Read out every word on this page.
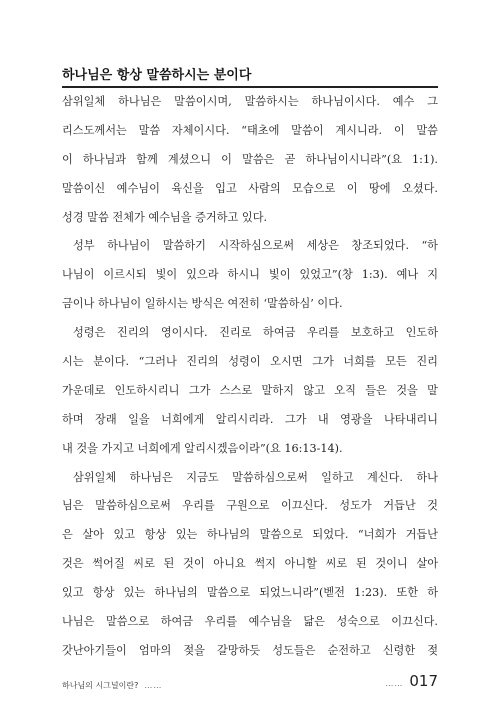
하나님은 항상 말씀하시는 분이다
삼위일체 하나님은 말씀이시며, 말씀하시는 하나님이시다. 예수 그
리스도께서는 말씀 자체이시다. “태초에 말씀이 계시니라. 이 말씀
이 하나님과 함께 계셨으니 이 말씀은 곧 하나님이시니라”(요 1:1).
말씀이신 예수님이 육신을 입고 사람의 모습으로 이 땅에 오셨다.
성경 말씀 전체가 예수님을 증거하고 있다.
성부 하나님이 말씀하기 시작하심으로써 세상은 창조되었다. “하
나님이 이르시되 빛이 있으라 하시니 빛이 있었고”(창 1:3). 예나 지
금이나 하나님이 일하시는 방식은 여전히 ‘말씀하심’ 이다.
성령은 진리의 영이시다. 진리로 하여금 우리를 보호하고 인도하
시는 분이다. “그러나 진리의 성령이 오시면 그가 너희를 모든 진리
가운데로 인도하시리니 그가 스스로 말하지 않고 오직 들은 것을 말
하며 장래 일을 너희에게 알리시리라. 그가 내 영광을 나타내리니
내 것을 가지고 너희에게 알리시겠음이라”(요 16:13-14).
삼위일체 하나님은 지금도 말씀하심으로써 일하고 계신다. 하나
님은 말씀하심으로써 우리를 구원으로 이끄신다. 성도가 거듭난 것
은 살아 있고 항상 있는 하나님의 말씀으로 되었다. “너희가 거듭난
것은 썩어질 씨로 된 것이 아니요 썩지 아니할 씨로 된 것이니 살아
있고 항상 있는 하나님의 말씀으로 되었느니라”(벧전 1:23). 또한 하
나님은 말씀으로 하여금 우리를 예수님을 닮은 성숙으로 이끄신다.
갓난아기들이 엄마의 젖을 갈망하듯 성도들은 순전하고 신령한 젖
하나님의 시그널이란? ……	…… 017
